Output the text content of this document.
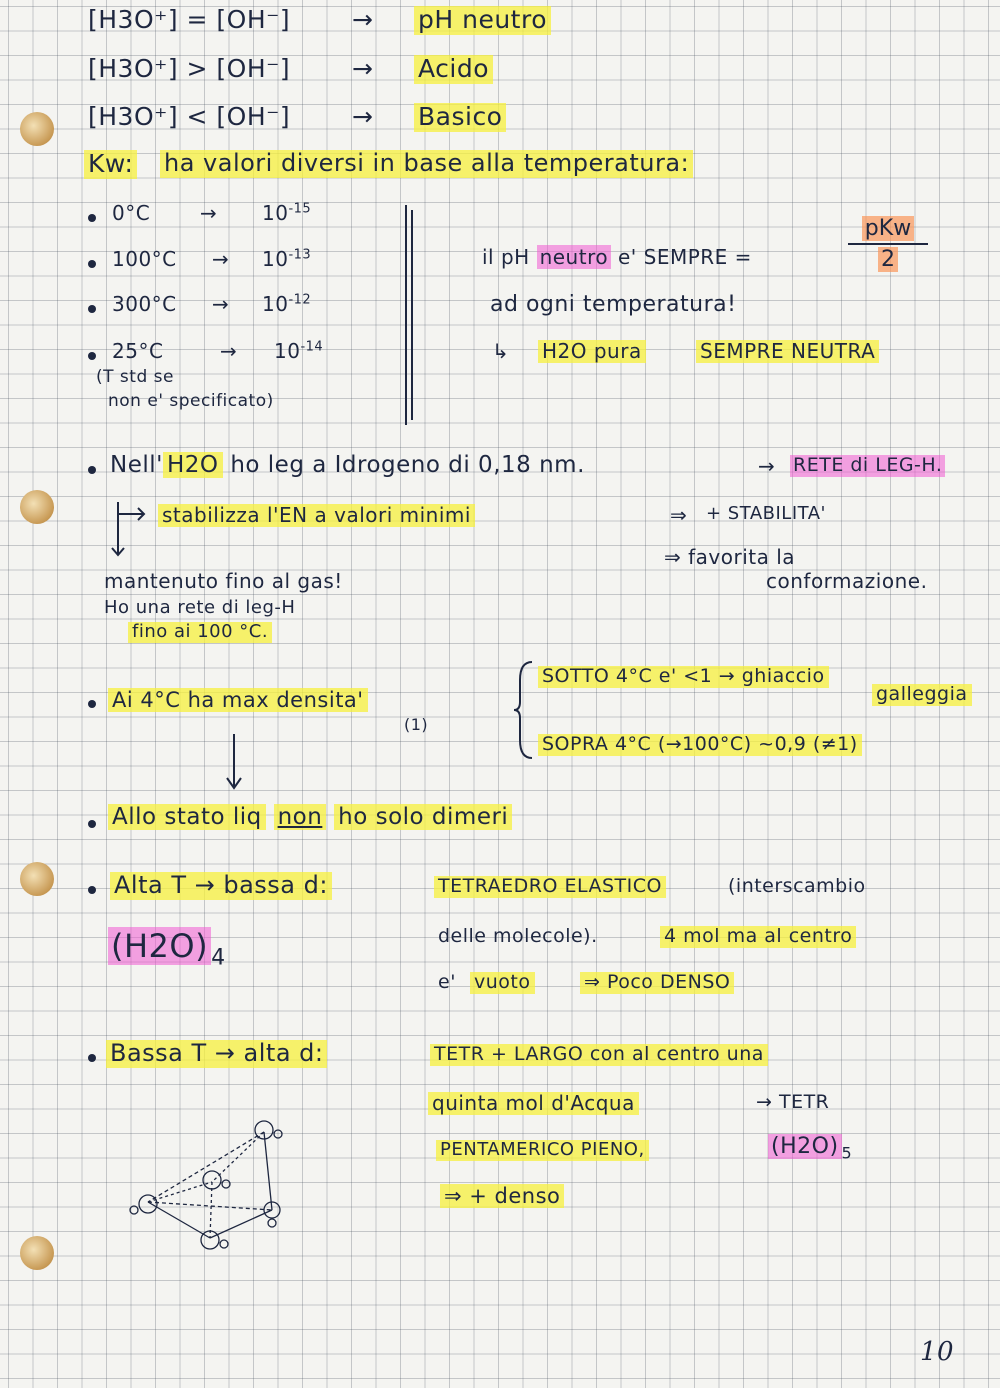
[H3O⁺] = [OH⁻] → pH neutro
[H3O⁺] > [OH⁻] → Acido
[H3O⁺] < [OH⁻] → Basico
Kw: ha valori diversi in base alla temperatura:
$0^\circ C \to 10^{-15}$
$100^\circ C \to 10^{-13}$
$300^\circ C \to 10^{-12}$
25°C	→ $10^{-14}$
(T std se
non e' specificato)
il pH neutro e' SEMPRE =
pKw
2
ad ogni temperatura!
↳ H2O pura	SEMPRE NEUTRA
Nell' H2O ho leg a Idrogeno di 0,18 nm.	→ RETE di LEG-H.
stabilizza l'EN a valori minimi	⇒ + STABILITA'
⇒ favorita la
conformazione.
mantenuto fino al gas!
Ho una rete di leg-H
fino ai 100 °C.
Ai 4°C ha max densita'
(1)
SOTTO 4°C e' <1 → ghiaccio
galleggia
SOPRA 4°C (→100°C) ~0,9 (≠1)
Allo stato liq non ho solo dimeri
Alta T → bassa d:
(H2O) $_4$
TETRAEDRO ELASTICO	(interscambio
delle molecole).	4 mol ma al centro
e' vuoto	⇒ Poco DENSO
Bassa T → alta d:	TETR + LARGO con al centro una
quinta mol d'Acqua	→ TETR
PENTAMERICO PIENO,	(H2O) $_5$
⇒ + denso
10
